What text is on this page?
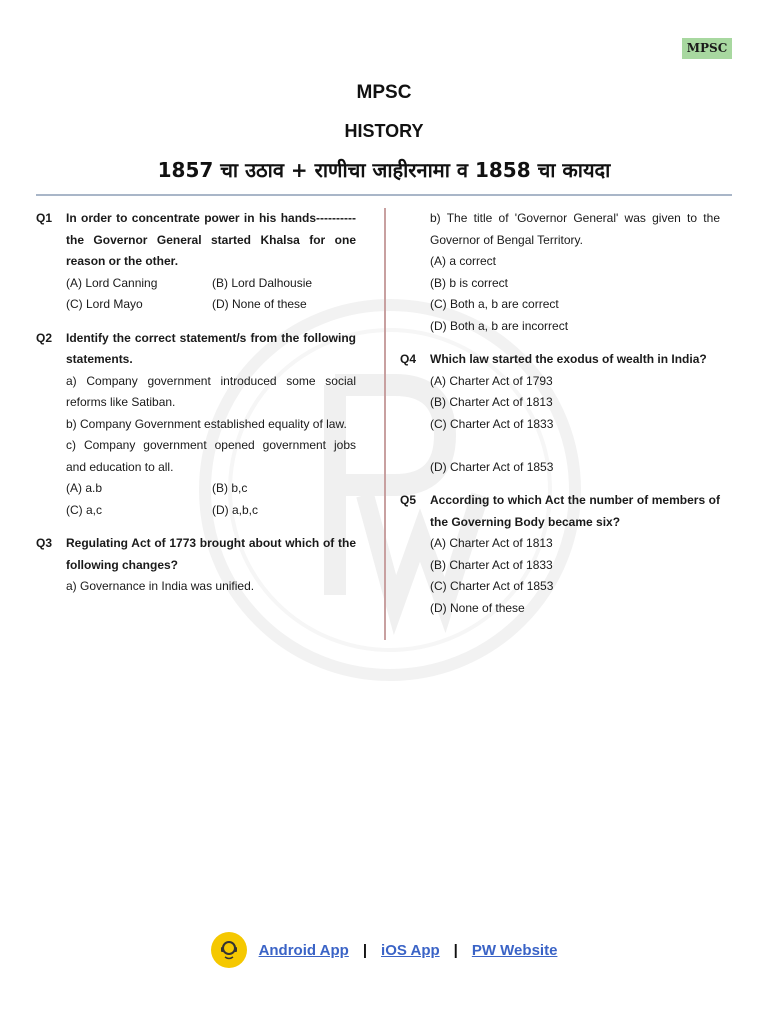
MPSC
MPSC
HISTORY
1857 चा उठाव + राणीचा जाहीरनामा व 1858 चा कायदा
Q1 In order to concentrate power in his hands---------- the Governor General started Khalsa for one reason or the other.
(A) Lord Canning	(B) Lord Dalhousie
(C) Lord Mayo	(D) None of these
Q2 Identify the correct statement/s from the following statements.
a) Company government introduced some social reforms like Satiban.
b) Company Government established equality of law.
c) Company government opened government jobs and education to all.
(A) a.b	(B) b,c
(C) a,c	(D) a,b,c
Q3 Regulating Act of 1773 brought about which of the following changes?
a) Governance in India was unified.
b) The title of 'Governor General' was given to the Governor of Bengal Territory.
(A) a correct
(B) b is correct
(C) Both a, b are correct
(D) Both a, b are incorrect
Q4 Which law started the exodus of wealth in India?
(A) Charter Act of 1793
(B) Charter Act of 1813
(C) Charter Act of 1833
(D) Charter Act of 1853
Q5 According to which Act the number of members of the Governing Body became six?
(A) Charter Act of 1813
(B) Charter Act of 1833
(C) Charter Act of 1853
(D) None of these
Android App | iOS App | PW Website
